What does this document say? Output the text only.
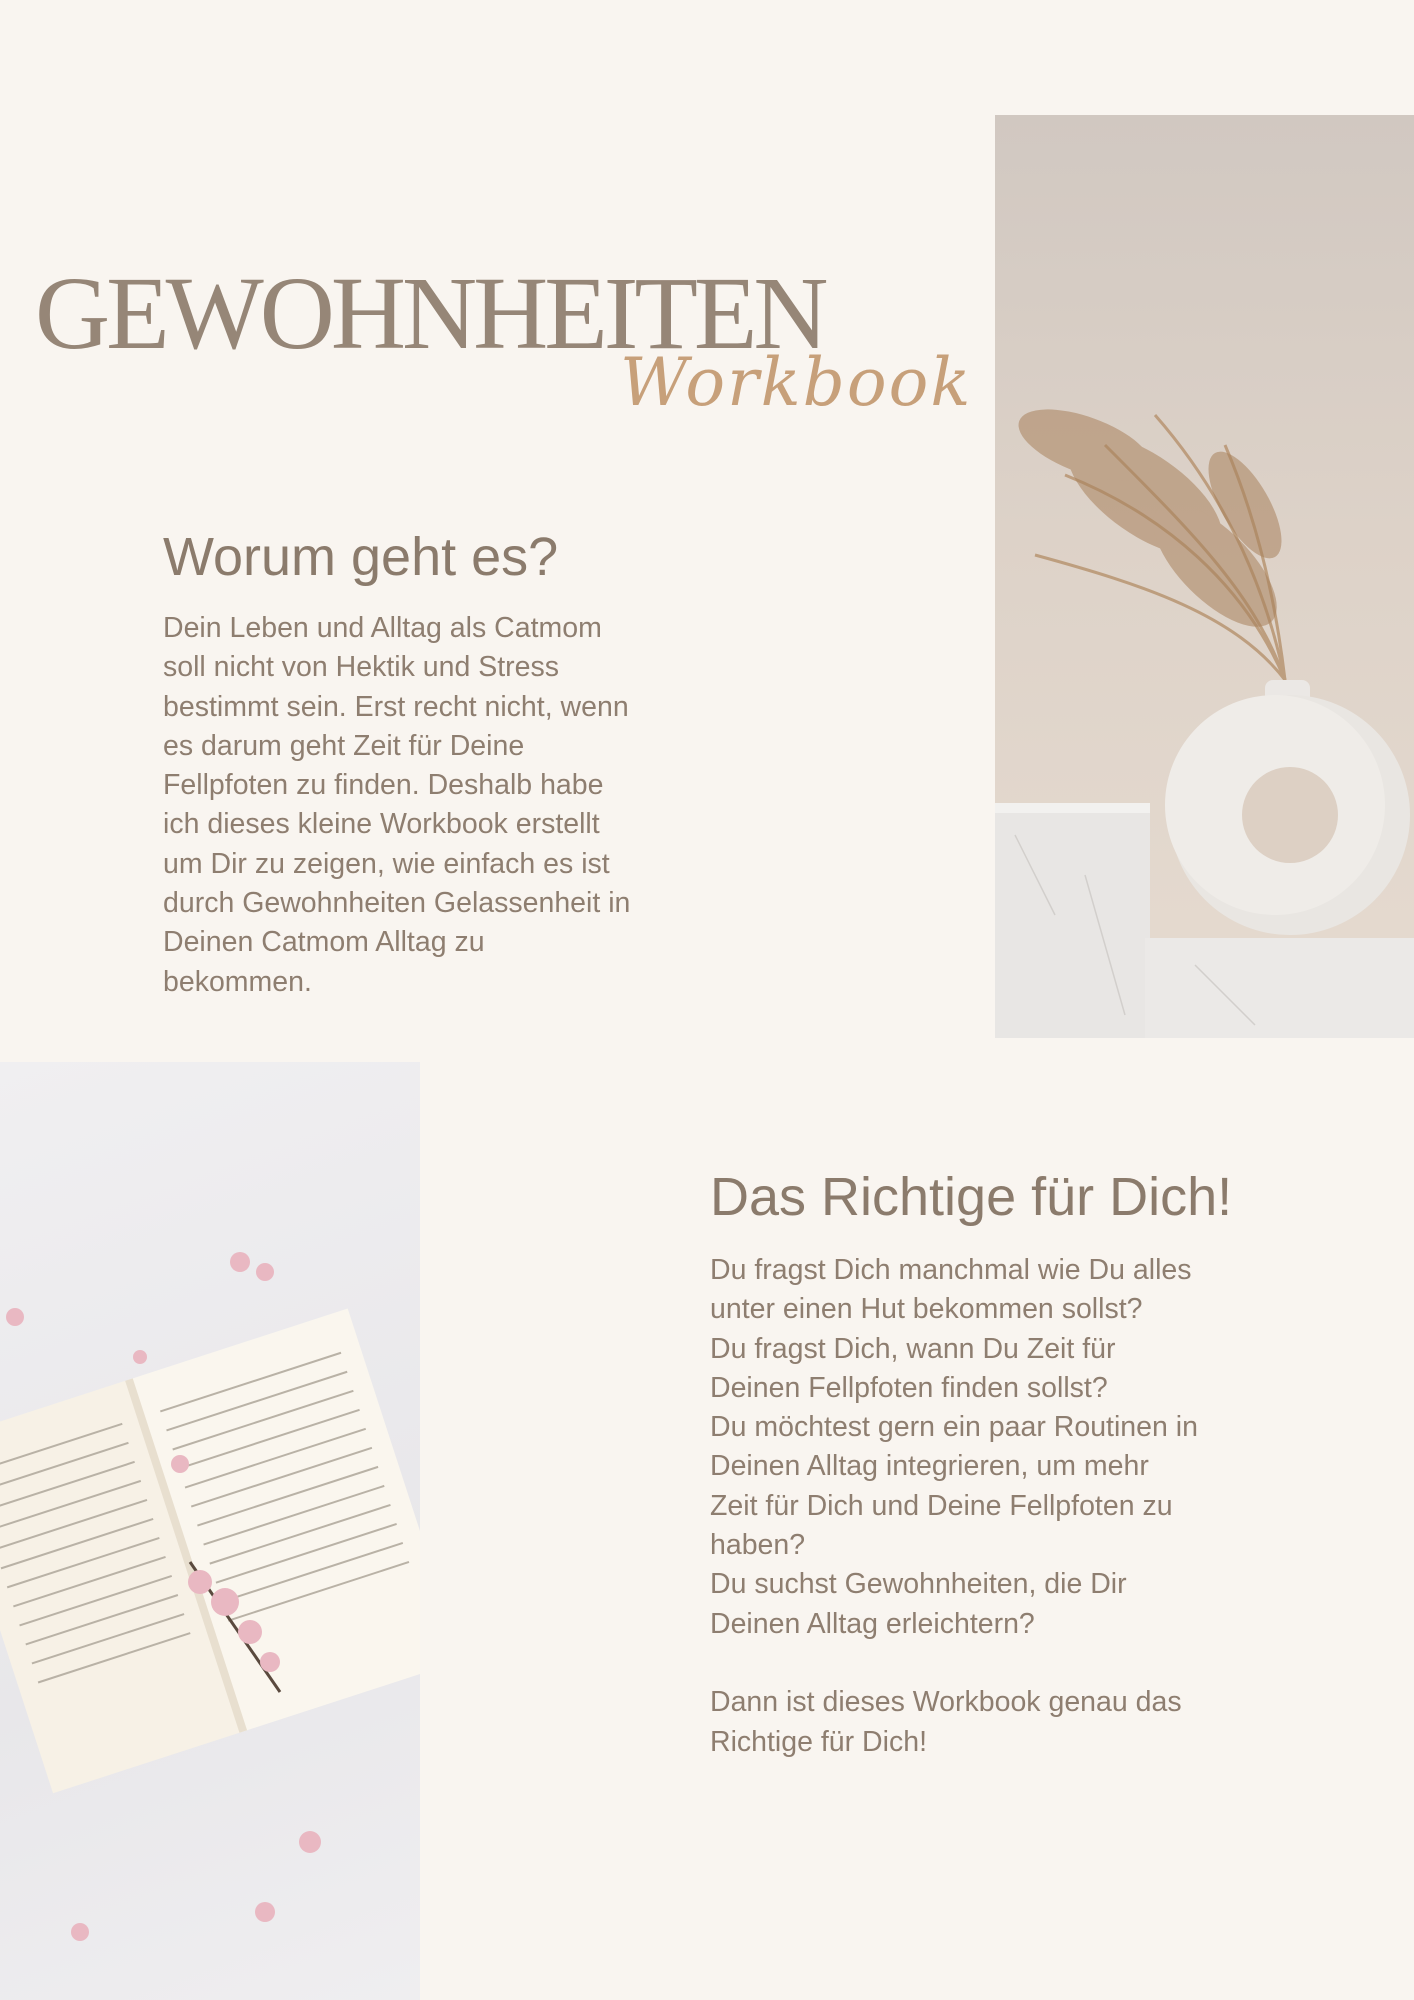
GEWOHNHEITEN
Workbook
Worum geht es?

Dein Leben und Alltag als Catmom
soll nicht von Hektik und Stress
bestimmt sein. Erst recht nicht, wenn
es darum geht Zeit für Deine
Fellpfoten zu finden. Deshalb habe
ich dieses kleine Workbook erstellt
um Dir zu zeigen, wie einfach es ist
durch Gewohnheiten Gelassenheit in
Deinen Catmom Alltag zu
bekommen.

Das Richtige für Dich!

Du fragst Dich manchmal wie Du alles
unter einen Hut bekommen sollst?
Du fragst Dich, wann Du Zeit für
Deinen Fellpfoten finden sollst?
Du möchtest gern ein paar Routinen in
Deinen Alltag integrieren, um mehr
Zeit für Dich und Deine Fellpfoten zu
haben?
Du suchst Gewohnheiten, die Dir
Deinen Alltag erleichtern?

Dann ist dieses Workbook genau das
Richtige für Dich!
